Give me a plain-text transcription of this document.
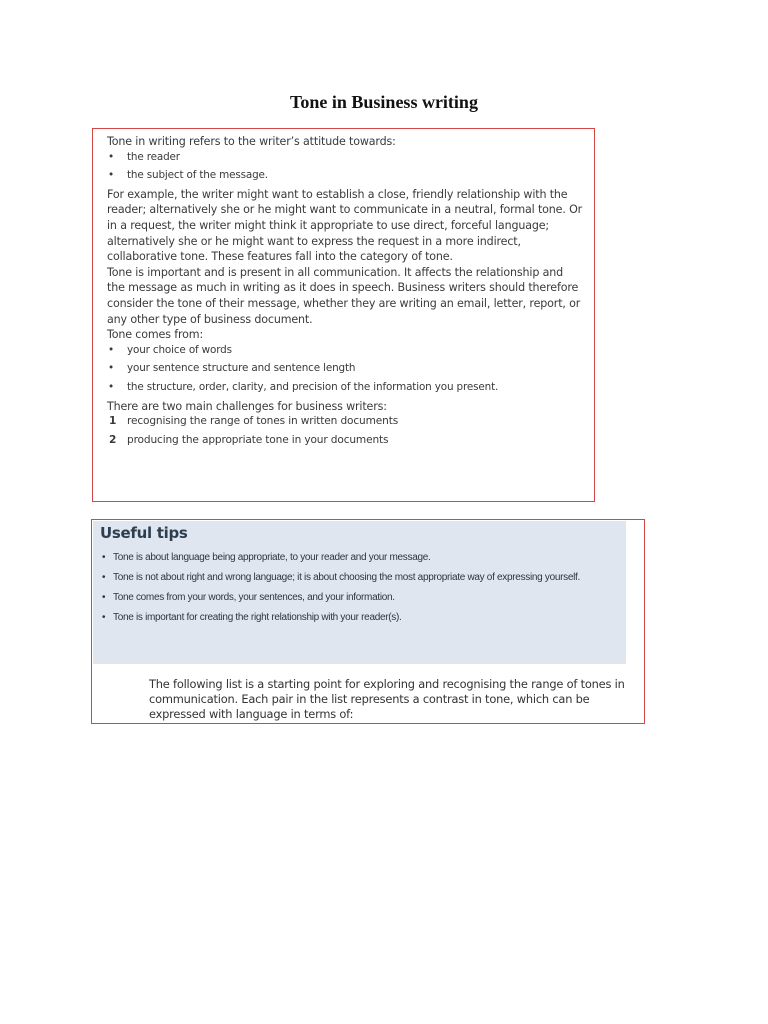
Tone in Business writing

Tone in writing refers to the writer’s attitude towards:

• the reader
• the subject of the message.

For example, the writer might want to establish a close, friendly relationship with the reader; alternatively she or he might want to communicate in a neutral, formal tone. Or in a request, the writer might think it appropriate to use direct, forceful language; alternatively she or he might want to express the request in a more indirect, collaborative tone. These features fall into the category of tone.

Tone is important and is present in all communication. It affects the relationship and the message as much in writing as it does in speech. Business writers should therefore consider the tone of their message, whether they are writing an email, letter, report, or any other type of business document.

Tone comes from:

• your choice of words
• your sentence structure and sentence length
• the structure, order, clarity, and precision of the information you present.

There are two main challenges for business writers:

1 recognising the range of tones in written documents
2 producing the appropriate tone in your documents
Useful tips
• Tone is about language being appropriate, to your reader and your message.
• Tone is not about right and wrong language; it is about choosing the most appropriate way of expressing yourself.
• Tone comes from your words, your sentences, and your information.
• Tone is important for creating the right relationship with your reader(s).
The following list is a starting point for exploring and recognising the range of tones in communication. Each pair in the list represents a contrast in tone, which can be expressed with language in terms of:
